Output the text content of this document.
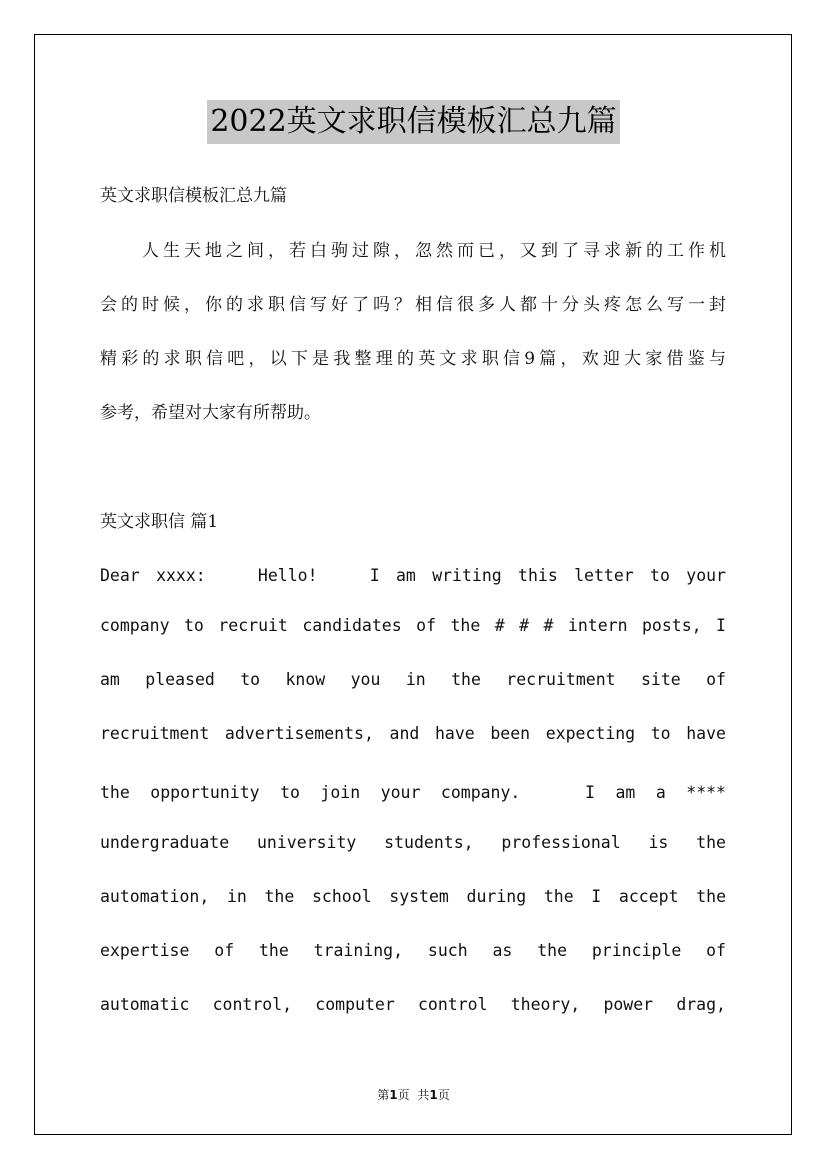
2022英文求职信模板汇总九篇
英文求职信模板汇总九篇
人生天地之间，若白驹过隙，忽然而已，又到了寻求新的工作机
会的时候，你的求职信写好了吗？相信很多人都十分头疼怎么写一封
精彩的求职信吧，以下是我整理的英文求职信9篇，欢迎大家借鉴与
参考，希望对大家有所帮助。
英文求职信 篇1
Dear xxxx:　　Hello!　　I am writing this letter to your
company to recruit candidates of the # # # intern posts, I
am pleased to know you in the recruitment site of
recruitment advertisements, and have been expecting to have
the opportunity to join your company.　　I am a ****
undergraduate university students, professional is the
automation, in the school system during the I accept the
expertise of the training, such as the principle of
automatic control, computer control theory, power drag,
第1页 共1页
